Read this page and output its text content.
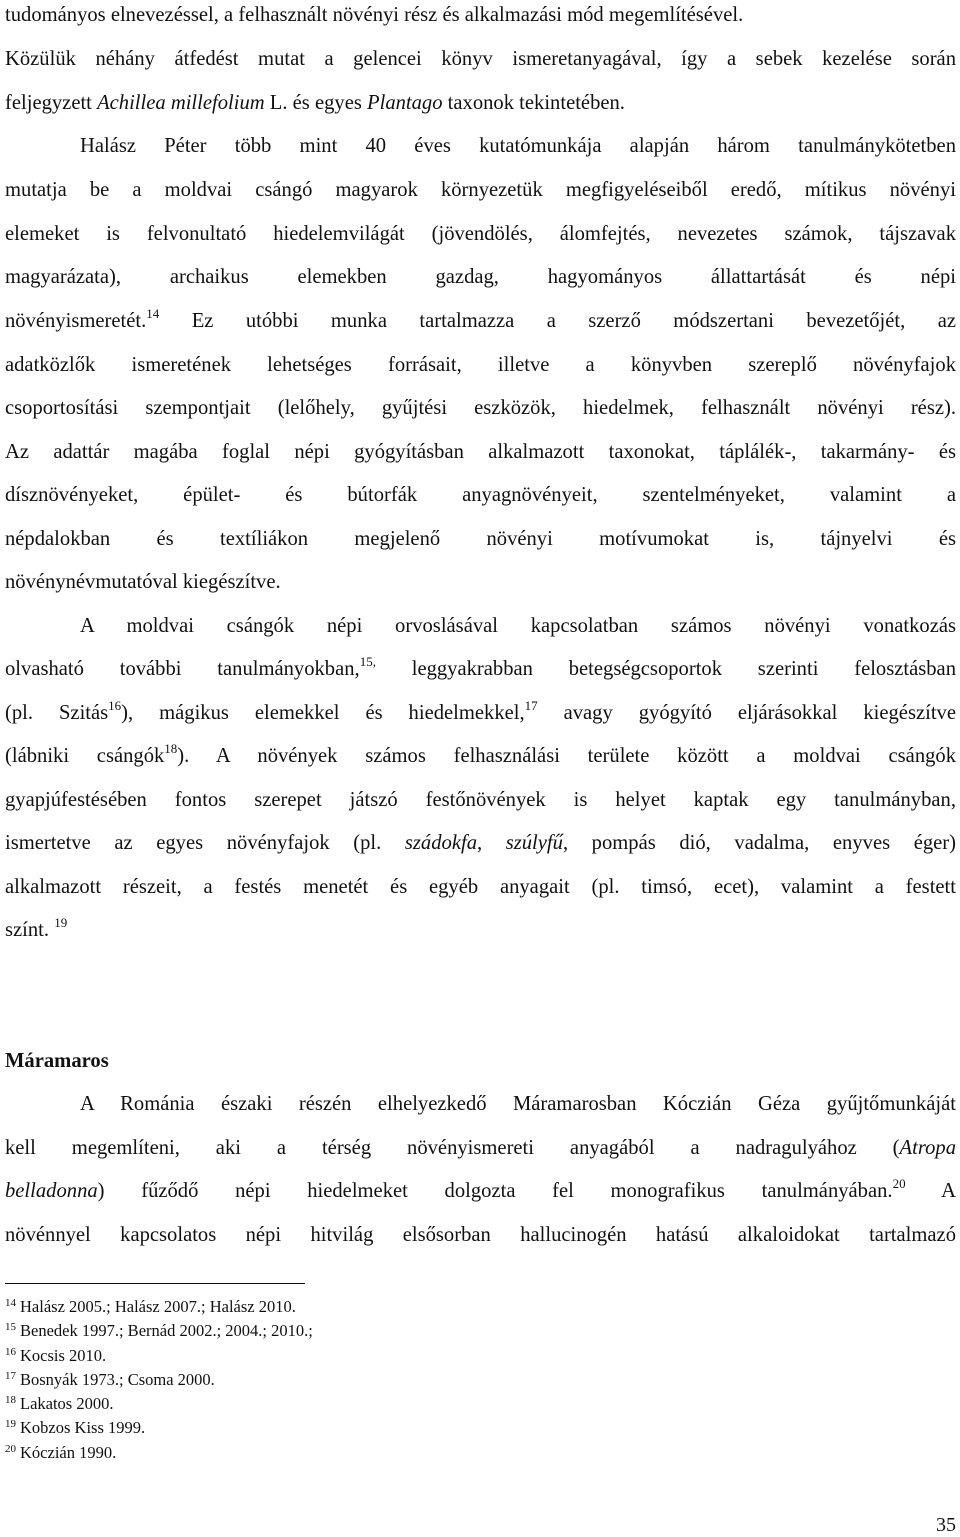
tudományos elnevezéssel, a felhasznált növényi rész és alkalmazási mód megemlítésével.
Közülük néhány átfedést mutat a gelencei könyv ismeretanyagával, így a sebek kezelése során
feljegyzett Achillea millefolium L. és egyes Plantago taxonok tekintetében.
Halász Péter több mint 40 éves kutatómunkája alapján három tanulmánykötetben
mutatja be a moldvai csángó magyarok környezetük megfigyeléseiből eredő, mítikus növényi
elemeket is felvonultató hiedelemvilágát (jövendölés, álomfejtés, nevezetes számok, tájszavak
magyarázata), archaikus elemekben gazdag, hagyományos állattartását és népi
növényismeretét.$^{14}$ Ez utóbbi munka tartalmazza a szerző módszertani bevezetőjét, az
adatközlők ismeretének lehetséges forrásait, illetve a könyvben szereplő növényfajok
csoportosítási szempontjait (lelőhely, gyűjtési eszközök, hiedelmek, felhasznált növényi rész).
Az adattár magába foglal népi gyógyításban alkalmazott taxonokat, táplálék-, takarmány- és
dísznövényeket, épület- és bútorfák anyagnövényeit, szentelményeket, valamint a
népdalokban és textíliákon megjelenő növényi motívumokat is, tájnyelvi és
növénynévmutatóval kiegészítve.
A moldvai csángók népi orvoslásával kapcsolatban számos növényi vonatkozás
olvasható további tanulmányokban,$^{15,}$ leggyakrabban betegségcsoportok szerinti felosztásban
(pl. Szitás$^{16}$), mágikus elemekkel és hiedelmekkel,$^{17}$ avagy gyógyító eljárásokkal kiegészítve
(lábniki csángók$^{18}$). A növények számos felhasználási területe között a moldvai csángók
gyapjúfestésében fontos szerepet játszó festőnövények is helyet kaptak egy tanulmányban,
ismertetve az egyes növényfajok (pl. szádokfa, szúlyfű, pompás dió, vadalma, enyves éger)
alkalmazott részeit, a festés menetét és egyéb anyagait (pl. timsó, ecet), valamint a festett
színt. $^{19}$
Máramaros
A Románia északi részén elhelyezkedő Máramarosban Kóczián Géza gyűjtőmunkáját
kell megemlíteni, aki a térség növényismereti anyagából a nadragulyához (Atropa
belladonna) fűződő népi hiedelmeket dolgozta fel monografikus tanulmányában.$^{20}$ A
növénnyel kapcsolatos népi hitvilág elsősorban hallucinogén hatású alkaloidokat tartalmazó
$^{14}$ Halász 2005.; Halász 2007.; Halász 2010.
$^{15}$ Benedek 1997.; Bernád 2002.; 2004.; 2010.;
$^{16}$ Kocsis 2010.
$^{17}$ Bosnyák 1973.; Csoma 2000.
$^{18}$ Lakatos 2000.
$^{19}$ Kobzos Kiss 1999.
$^{20}$ Kóczián 1990.
35
